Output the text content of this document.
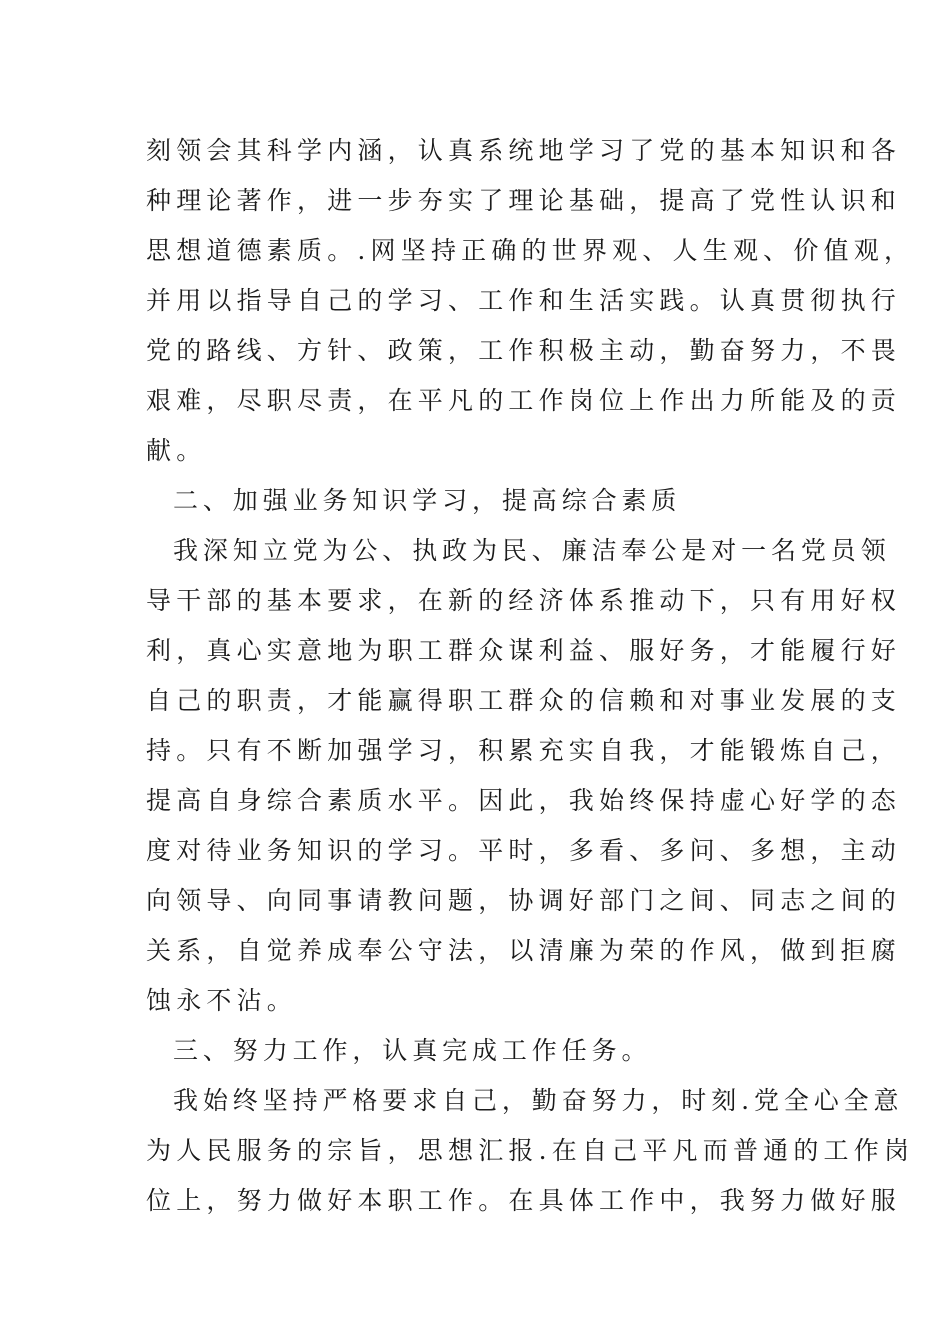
刻领会其科学内涵，认真系统地学习了党的基本知识和各
种理论著作，进一步夯实了理论基础，提高了党性认识和
思想道德素质。.网坚持正确的世界观、人生观、价值观，
并用以指导自己的学习、工作和生活实践。认真贯彻执行
党的路线、方针、政策，工作积极主动，勤奋努力，不畏
艰难，尽职尽责，在平凡的工作岗位上作出力所能及的贡
献。
二、加强业务知识学习，提高综合素质
我深知立党为公、执政为民、廉洁奉公是对一名党员领
导干部的基本要求，在新的经济体系推动下，只有用好权
利，真心实意地为职工群众谋利益、服好务，才能履行好
自己的职责，才能赢得职工群众的信赖和对事业发展的支
持。只有不断加强学习，积累充实自我，才能锻炼自己，
提高自身综合素质水平。因此，我始终保持虚心好学的态
度对待业务知识的学习。平时，多看、多问、多想，主动
向领导、向同事请教问题，协调好部门之间、同志之间的
关系，自觉养成奉公守法，以清廉为荣的作风，做到拒腐
蚀永不沾。
三、努力工作，认真完成工作任务。
我始终坚持严格要求自己，勤奋努力，时刻.党全心全意
为人民服务的宗旨，思想汇报.在自己平凡而普通的工作岗
位上，努力做好本职工作。在具体工作中，我努力做好服
